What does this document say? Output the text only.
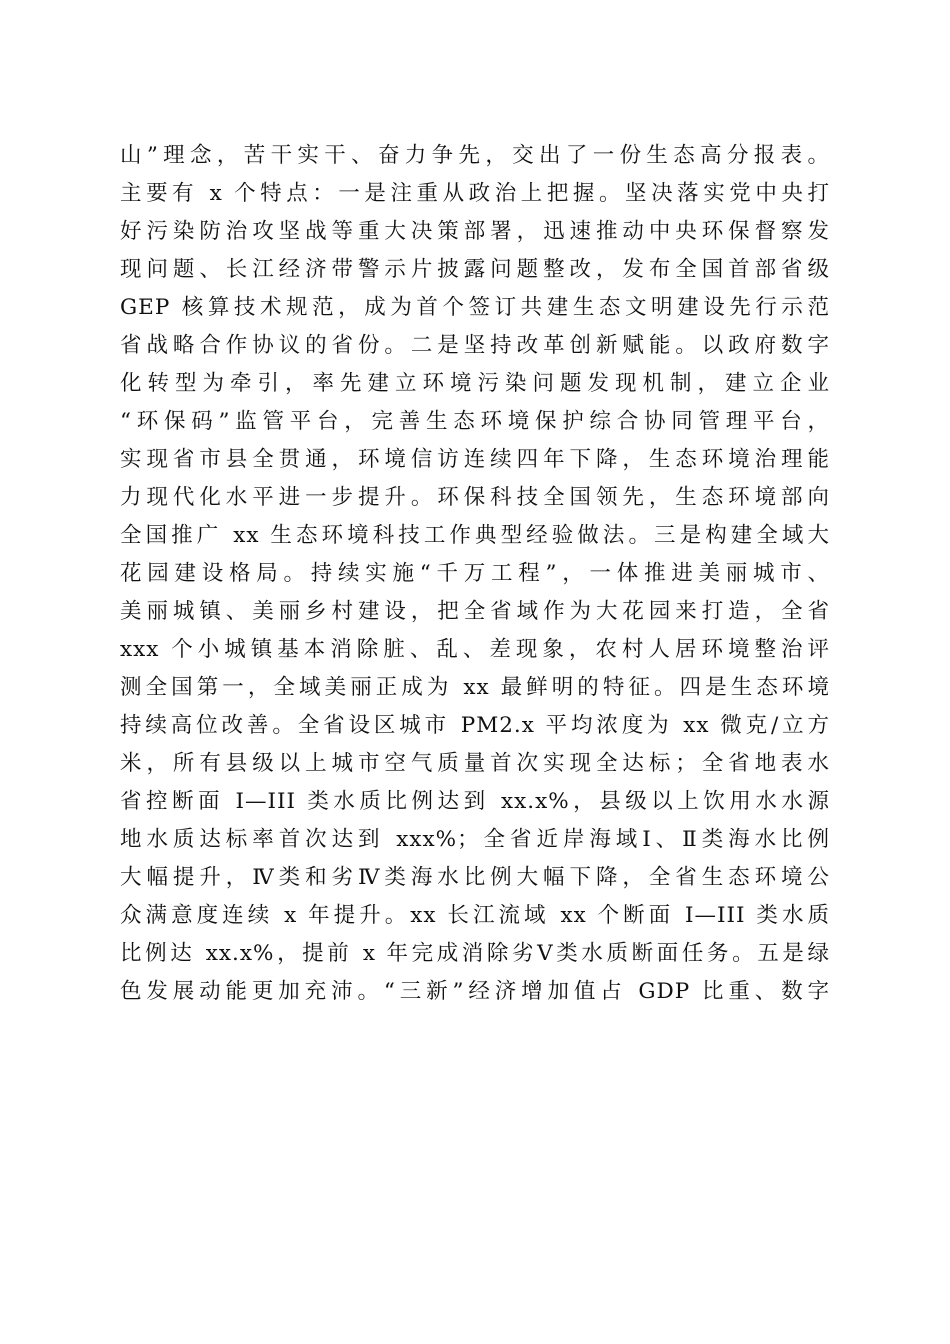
山”理念，苦干实干、奋力争先，交出了一份生态高分报表。
主要有 x 个特点：一是注重从政治上把握。坚决落实党中央打
好污染防治攻坚战等重大决策部署，迅速推动中央环保督察发
现问题、长江经济带警示片披露问题整改，发布全国首部省级
GEP 核算技术规范，成为首个签订共建生态文明建设先行示范
省战略合作协议的省份。二是坚持改革创新赋能。以政府数字
化转型为牵引，率先建立环境污染问题发现机制，建立企业
“环保码”监管平台，完善生态环境保护综合协同管理平台，
实现省市县全贯通，环境信访连续四年下降，生态环境治理能
力现代化水平进一步提升。环保科技全国领先，生态环境部向
全国推广 xx 生态环境科技工作典型经验做法。三是构建全域大
花园建设格局。持续实施“千万工程”，一体推进美丽城市、
美丽城镇、美丽乡村建设，把全省域作为大花园来打造，全省
xxx 个小城镇基本消除脏、乱、差现象，农村人居环境整治评
测全国第一，全域美丽正成为 xx 最鲜明的特征。四是生态环境
持续高位改善。全省设区城市 PM2.x 平均浓度为 xx 微克/立方
米，所有县级以上城市空气质量首次实现全达标；全省地表水
省控断面 I—III 类水质比例达到 xx.x%，县级以上饮用水水源
地水质达标率首次达到 xxx%；全省近岸海域Ⅰ、Ⅱ类海水比例
大幅提升，Ⅳ类和劣Ⅳ类海水比例大幅下降，全省生态环境公
众满意度连续 x 年提升。xx 长江流域 xx 个断面 I—III 类水质
比例达 xx.x%，提前 x 年完成消除劣Ⅴ类水质断面任务。五是绿
色发展动能更加充沛。“三新”经济增加值占 GDP 比重、数字
